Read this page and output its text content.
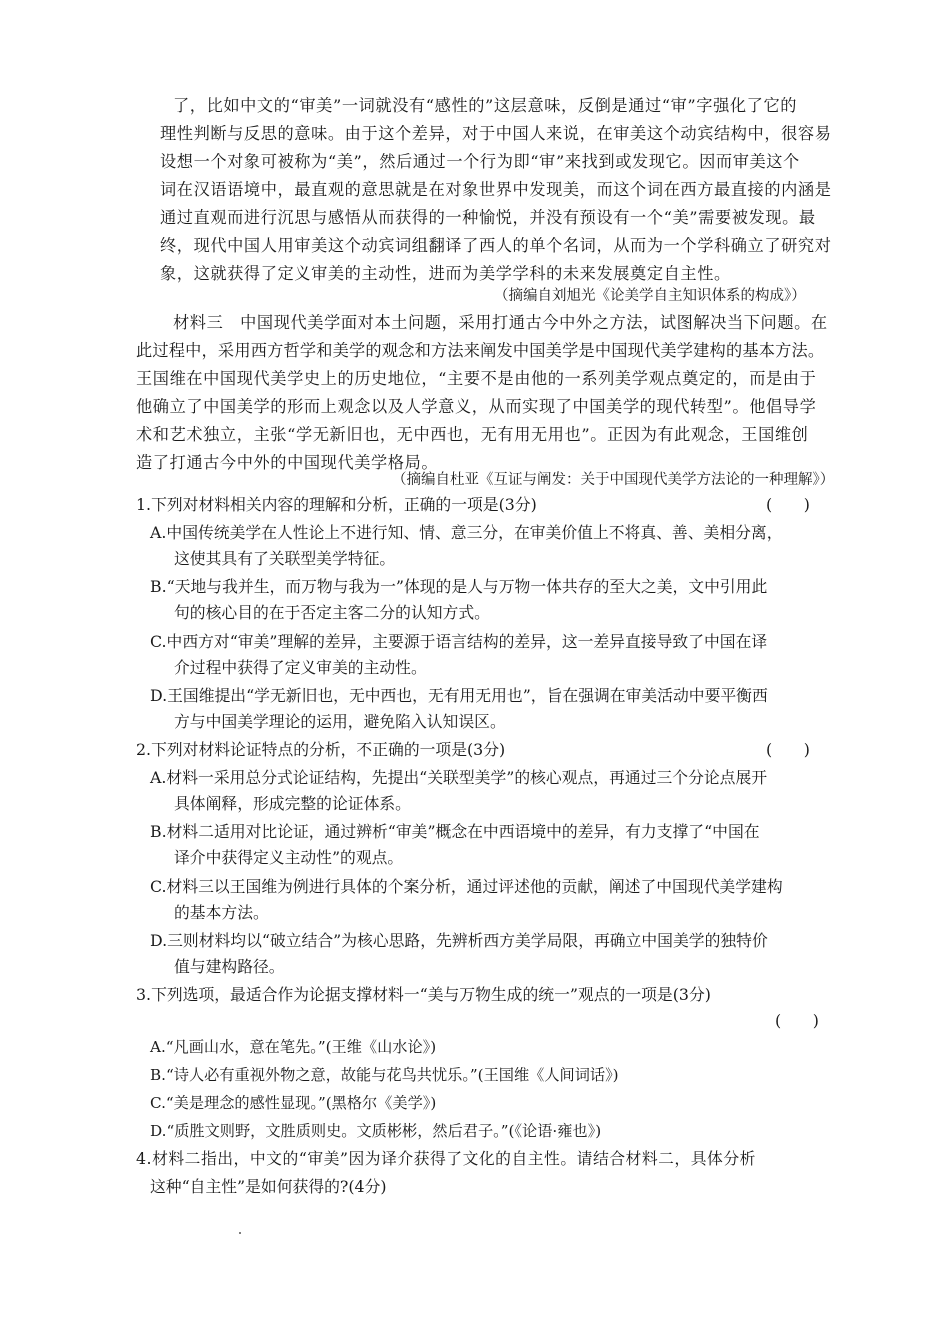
了，比如中文的“审美”一词就没有“感性的”这层意味，反倒是通过“审”字强化了它的
理性判断与反思的意味。由于这个差异，对于中国人来说，在审美这个动宾结构中，很容易
设想一个对象可被称为“美”，然后通过一个行为即“审”来找到或发现它。因而审美这个
词在汉语语境中，最直观的意思就是在对象世界中发现美，而这个词在西方最直接的内涵是
通过直观而进行沉思与感悟从而获得的一种愉悦，并没有预设有一个“美”需要被发现。最
终，现代中国人用审美这个动宾词组翻译了西人的单个名词，从而为一个学科确立了研究对
象，这就获得了定义审美的主动性，进而为美学学科的未来发展奠定自主性。
（摘编自刘旭光《论美学自主知识体系的构成》）
材料三　中国现代美学面对本土问题，采用打通古今中外之方法，试图解决当下问题。在
此过程中，采用西方哲学和美学的观念和方法来阐发中国美学是中国现代美学建构的基本方法。
王国维在中国现代美学史上的历史地位，“主要不是由他的一系列美学观点奠定的，而是由于
他确立了中国美学的形而上观念以及人学意义，从而实现了中国美学的现代转型”。他倡导学
术和艺术独立，主张“学无新旧也，无中西也，无有用无用也”。正因为有此观念，王国维创
造了打通古今中外的中国现代美学格局。
（摘编自杜亚《互证与阐发：关于中国现代美学方法论的一种理解》）
1.下列对材料相关内容的理解和分析，正确的一项是(3分)	(　　)
A.中国传统美学在人性论上不进行知、情、意三分，在审美价值上不将真、善、美相分离，
这使其具有了关联型美学特征。
B.“天地与我并生，而万物与我为一”体现的是人与万物一体共存的至大之美，文中引用此
句的核心目的在于否定主客二分的认知方式。
C.中西方对“审美”理解的差异，主要源于语言结构的差异，这一差异直接导致了中国在译
介过程中获得了定义审美的主动性。
D.王国维提出“学无新旧也，无中西也，无有用无用也”，旨在强调在审美活动中要平衡西
方与中国美学理论的运用，避免陷入认知误区。
2.下列对材料论证特点的分析，不正确的一项是(3分)	(　　)
A.材料一采用总分式论证结构，先提出“关联型美学”的核心观点，再通过三个分论点展开
具体阐释，形成完整的论证体系。
B.材料二适用对比论证，通过辨析“审美”概念在中西语境中的差异，有力支撑了“中国在
译介中获得定义主动性”的观点。
C.材料三以王国维为例进行具体的个案分析，通过评述他的贡献，阐述了中国现代美学建构
的基本方法。
D.三则材料均以“破立结合”为核心思路，先辨析西方美学局限，再确立中国美学的独特价
值与建构路径。
3.下列选项，最适合作为论据支撑材料一“美与万物生成的统一”观点的一项是(3分)
(　　)
A.“凡画山水，意在笔先。”(王维《山水论》)
B.“诗人必有重视外物之意，故能与花鸟共忧乐。”(王国维《人间词话》)
C.“美是理念的感性显现。”(黑格尔《美学》)
D.“质胜文则野，文胜质则史。文质彬彬，然后君子。”(《论语·雍也》)
4.材料二指出，中文的“审美”因为译介获得了文化的自主性。请结合材料二，具体分析
这种“自主性”是如何获得的?(4分)
